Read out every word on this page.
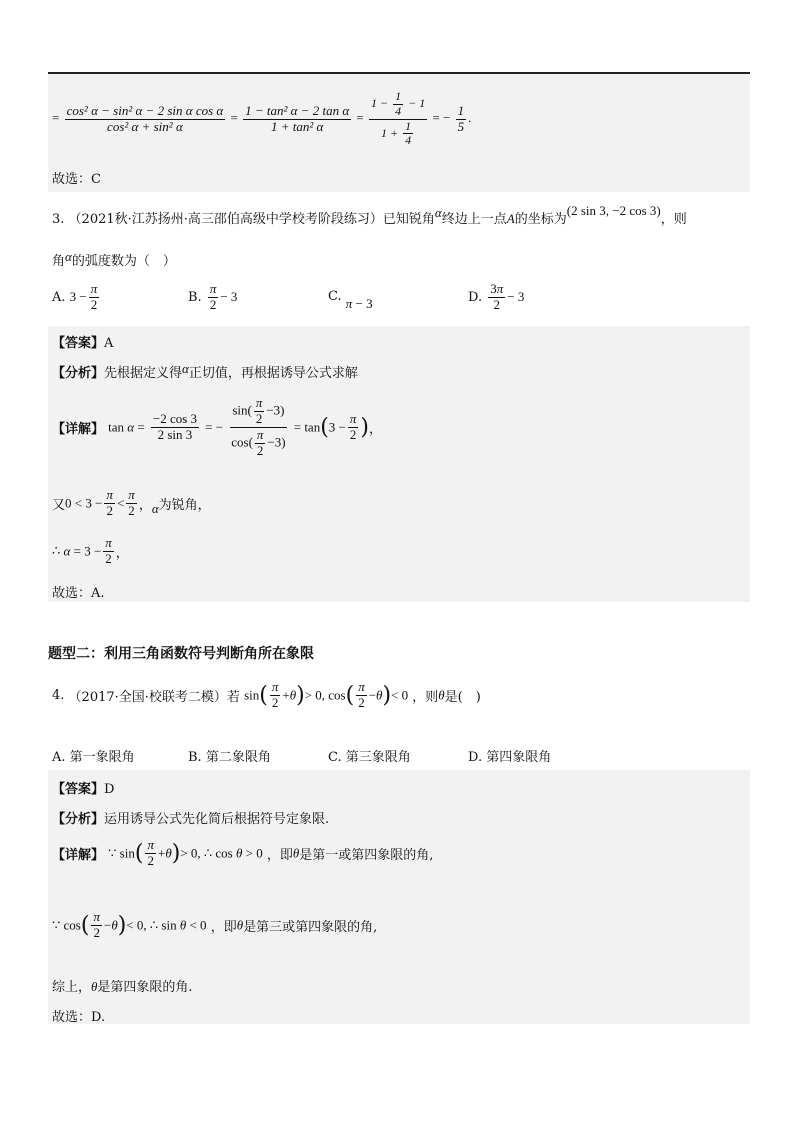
= $\frac{\text{cos² α − sin² α − 2 sin α cos α}}{\text{cos² α + sin² α}} = \frac{\text{1 − tan² α − 2 tan α}}{\text{1 + tan² α}} = \frac{1 - \frac{1}{4} - 1}{1 + \frac{1}{4}}$ = − $\frac{1}{5}$ .
故选：C
3. （2021秋·江苏扬州·高三邵伯高级中学校考阶段练习）已知锐角α终边上一点A的坐标为(2 sin 3, −2 cos 3)，则
角α的弧度数为（　）
A. $3 - \frac{\pi}{2}$	B. $\frac{\pi}{2} - 3$	C. π − 3	D. $\frac{3\pi}{2} - 3$
【答案】A
【分析】先根据定义得α正切值，再根据诱导公式求解
【详解】 $\tan \alpha = \frac{-2 \cos 3}{2 \sin 3}$ = − $\frac{\sin( \frac{\pi}{2} -3)}{\cos( \frac{\pi}{2} -3)} = \tan(3 - \frac{\pi}{2}$ )，
又$0 < 3 - \frac{\pi}{2} < \frac{\pi}{2}$ ，α为锐角，
∴ $\alpha = 3 - \frac{\pi}{2}$ ，
故选：A.
题型二：利用三角函数符号判断角所在象限
4. （2017·全国·校联考二模）若 $\sin( \frac{\pi}{2} +\theta)> 0$, $\cos( \frac{\pi}{2} -\theta)< 0$ ，则θ是(　)
A. 第一象限角	B. 第二象限角	C. 第三象限角	D. 第四象限角
【答案】D
【分析】运用诱导公式先化简后根据符号定象限.
【详解】 ∵ $\sin( \frac{\pi}{2} +\theta)> 0$, ∴ cos θ > 0 ，即θ是第一或第四象限的角,
∵ $\cos( \frac{\pi}{2} -\theta)< 0$, ∴ sin θ < 0 ，即θ是第三或第四象限的角,
综上，θ是第四象限的角.
故选：D.
